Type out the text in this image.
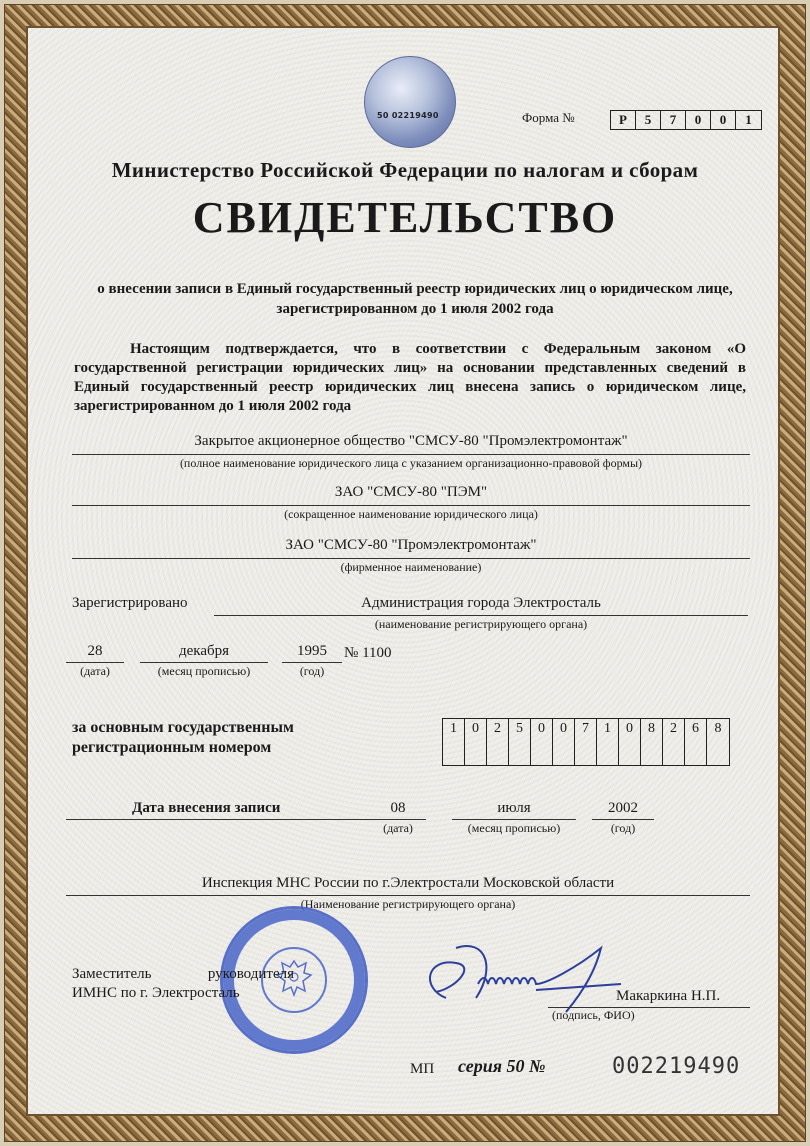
50 02219490	Форма №	Р	5	7	0	0	1
Министерство Российской Федерации по налогам и сборам
СВИДЕТЕЛЬСТВО
о внесении записи в Единый государственный реестр юридических лиц о юридическом лице, зарегистрированном до 1 июля 2002 года

Настоящим подтверждается, что в соответствии с Федеральным законом «О государственной регистрации юридических лиц» на основании представленных сведений в Единый государственный реестр юридических лиц внесена запись о юридическом лице, зарегистрированном до 1 июля 2002 года

Закрытое акционерное общество "СМСУ-80 "Промэлектромонтаж"
(полное наименование юридического лица с указанием организационно-правовой формы)
ЗАО "СМСУ-80 "ПЭМ"
(сокращенное наименование юридического лица)
ЗАО "СМСУ-80 "Промэлектромонтаж"
(фирменное наименование)
Зарегистрировано	Администрация города Электросталь
(наименование регистрирующего органа)
28
(дата)
декабря
(месяц прописью)
1995
(год)
№ 1100
за основным государственным регистрационным номером
1	0	2	5	0	0	7	1	0	8	2	6	8
Дата внесения записи	08
(дата)
июля
(месяц прописью)
2002
(год)
Инспекция МНС России по г.Электростали Московской области
(Наименование регистрирующего органа)
Заместитель	руководителя
ИМНС по г. Электросталь	Макаркина Н.П.
(подпись, ФИО)
МП серия 50 №	002219490
